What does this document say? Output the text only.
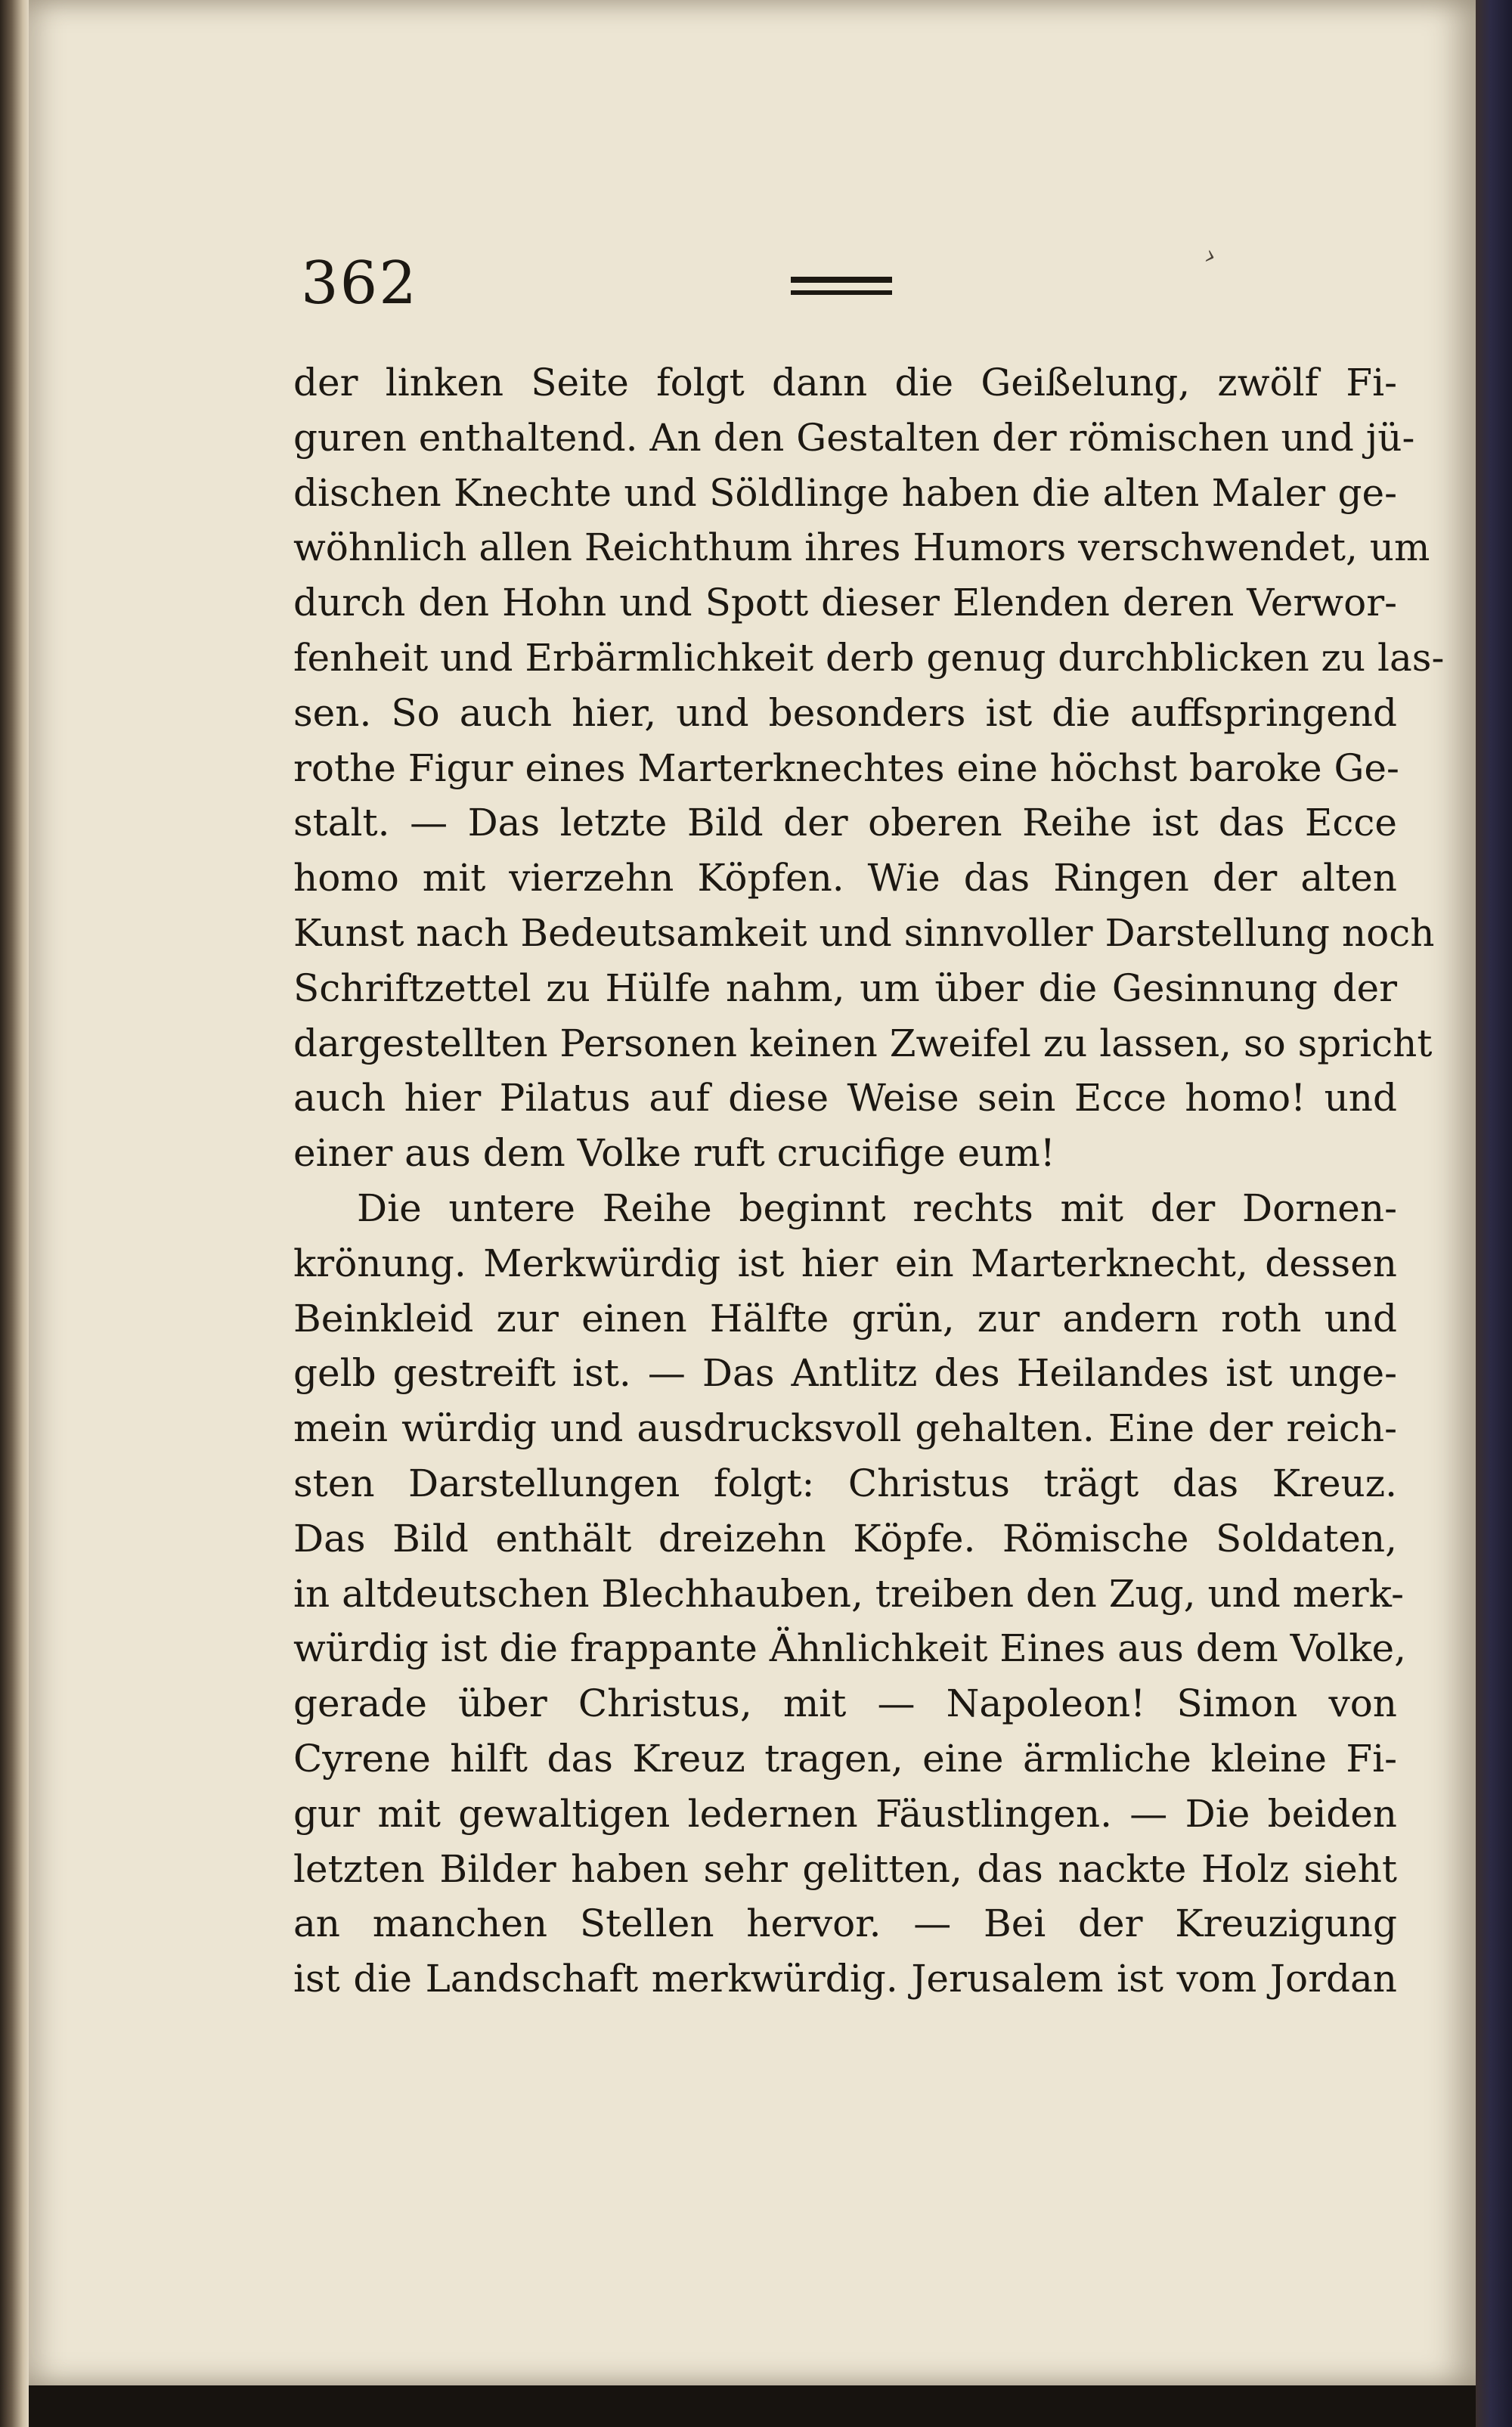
362	›
der linken Seite folgt dann die Geißelung, zwölf Fi-
guren enthaltend. An den Gestalten der römischen und jü-
dischen Knechte und Söldlinge haben die alten Maler ge-
wöhnlich allen Reichthum ihres Humors verschwendet, um
durch den Hohn und Spott dieser Elenden deren Verwor-
fenheit und Erbärmlichkeit derb genug durchblicken zu las-
sen. So auch hier, und besonders ist die auffspringend
rothe Figur eines Marterknechtes eine höchst baroke Ge-
stalt. — Das letzte Bild der oberen Reihe ist das Ecce
homo mit vierzehn Köpfen. Wie das Ringen der alten
Kunst nach Bedeutsamkeit und sinnvoller Darstellung noch
Schriftzettel zu Hülfe nahm, um über die Gesinnung der
dargestellten Personen keinen Zweifel zu lassen, so spricht
auch hier Pilatus auf diese Weise sein Ecce homo! und
einer aus dem Volke ruft crucifige eum!
Die untere Reihe beginnt rechts mit der Dornen-
krönung. Merkwürdig ist hier ein Marterknecht, dessen
Beinkleid zur einen Hälfte grün, zur andern roth und
gelb gestreift ist. — Das Antlitz des Heilandes ist unge-
mein würdig und ausdrucksvoll gehalten. Eine der reich-
sten Darstellungen folgt: Christus trägt das Kreuz.
Das Bild enthält dreizehn Köpfe. Römische Soldaten,
in altdeutschen Blechhauben, treiben den Zug, und merk-
würdig ist die frappante Ähnlichkeit Eines aus dem Volke,
gerade über Christus, mit — Napoleon! Simon von
Cyrene hilft das Kreuz tragen, eine ärmliche kleine Fi-
gur mit gewaltigen ledernen Fäustlingen. — Die beiden
letzten Bilder haben sehr gelitten, das nackte Holz sieht
an manchen Stellen hervor. — Bei der Kreuzigung
ist die Landschaft merkwürdig. Jerusalem ist vom Jordan
